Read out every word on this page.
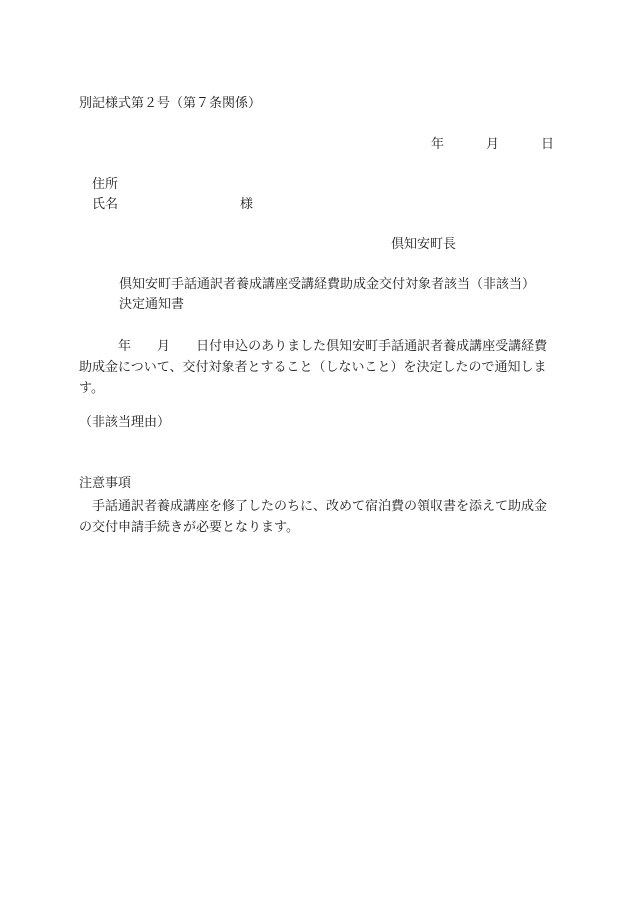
別記様式第２号（第７条関係）
年	月	日
住所
氏名	様
倶知安町長
倶知安町手話通訳者養成講座受講経費助成金交付対象者該当（非該当）
決定通知書
　　　年　　 月　　 日付申込のありました倶知安町手話通訳者養成講座受講経費助成金について、交付対象者とすること（しないこと）を決定したので通知します。
（非該当理由）
注意事項
　手話通訳者養成講座を修了したのちに、改めて宿泊費の領収書を添えて助成金の交付申請手続きが必要となります。
